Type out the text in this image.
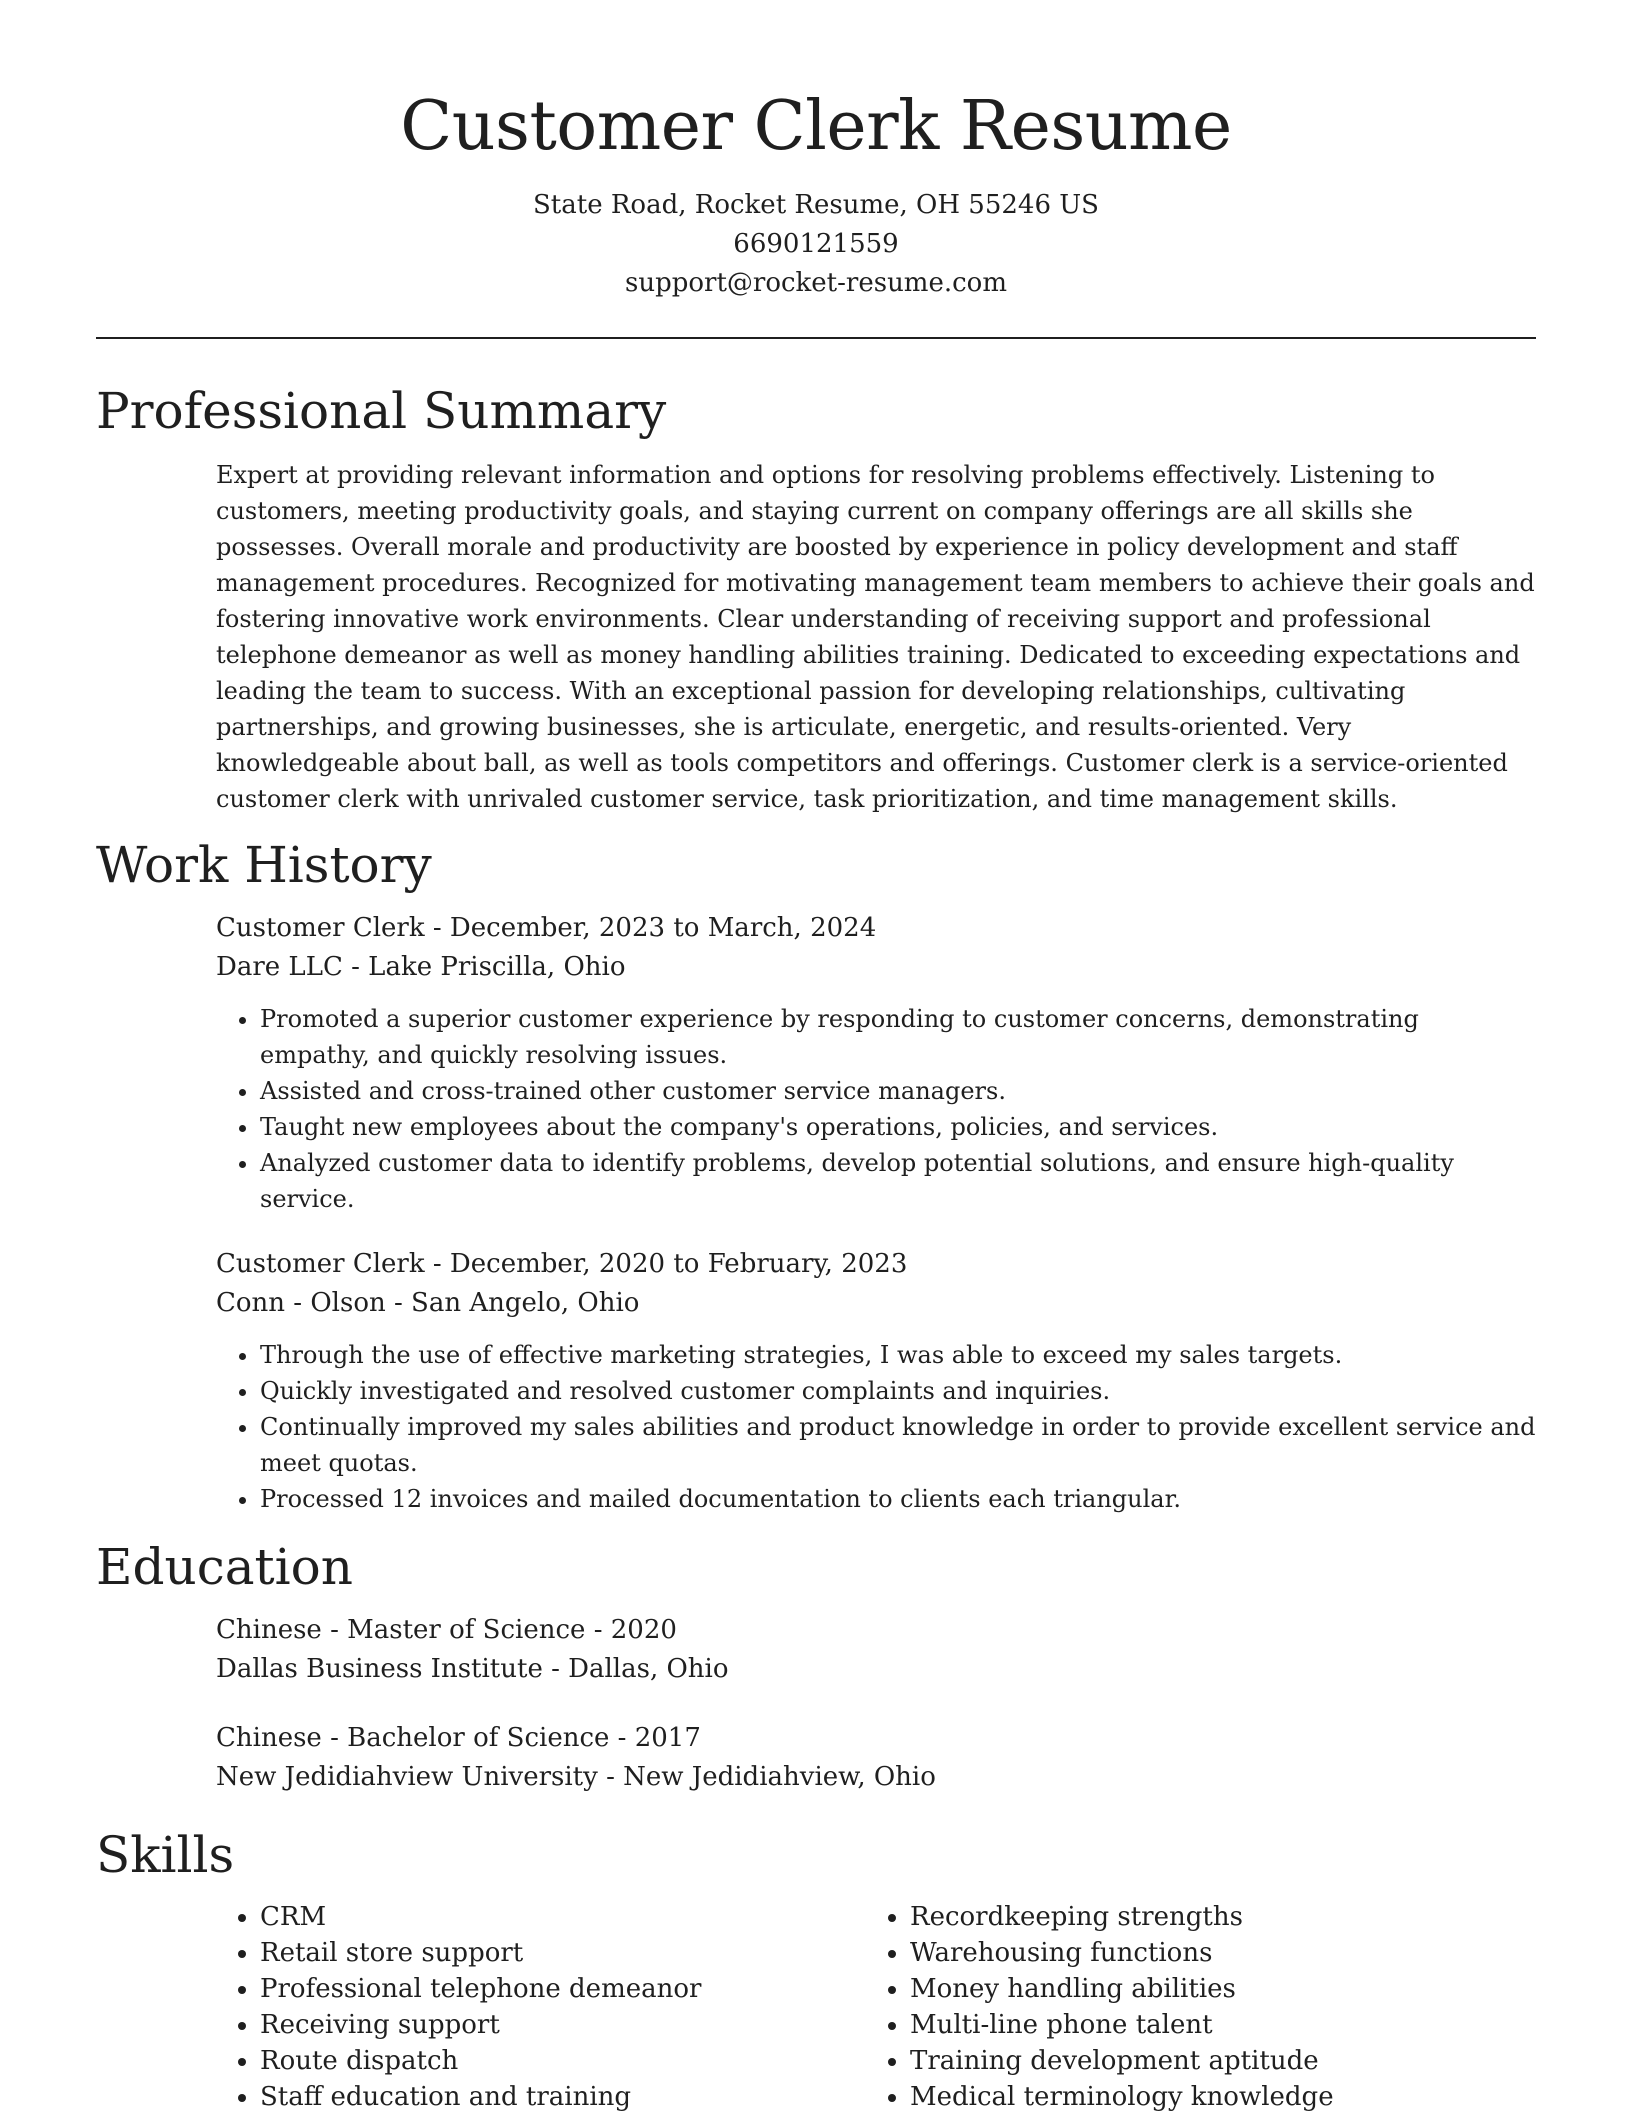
Customer Clerk Resume
State Road, Rocket Resume, OH 55246 US
6690121559
support@rocket-resume.com
Professional Summary

Expert at providing relevant information and options for resolving problems effectively. Listening to customers, meeting productivity goals, and staying current on company offerings are all skills she possesses. Overall morale and productivity are boosted by experience in policy development and staff management procedures. Recognized for motivating management team members to achieve their goals and fostering innovative work environments. Clear understanding of receiving support and professional telephone demeanor as well as money handling abilities training. Dedicated to exceeding expectations and leading the team to success. With an exceptional passion for developing relationships, cultivating partnerships, and growing businesses, she is articulate, energetic, and results-oriented. Very knowledgeable about ball, as well as tools competitors and offerings. Customer clerk is a service-oriented customer clerk with unrivaled customer service, task prioritization, and time management skills.

Work History
Customer Clerk - December, 2023 to March, 2024
Dare LLC - Lake Priscilla, Ohio
• Promoted a superior customer experience by responding to customer concerns, demonstrating empathy, and quickly resolving issues.
• Assisted and cross-trained other customer service managers.
• Taught new employees about the company's operations, policies, and services.
• Analyzed customer data to identify problems, develop potential solutions, and ensure high-quality service.
Customer Clerk - December, 2020 to February, 2023
Conn - Olson - San Angelo, Ohio
• Through the use of effective marketing strategies, I was able to exceed my sales targets.
• Quickly investigated and resolved customer complaints and inquiries.
• Continually improved my sales abilities and product knowledge in order to provide excellent service and meet quotas.
• Processed 12 invoices and mailed documentation to clients each triangular.
Education
Chinese - Master of Science - 2020
Dallas Business Institute - Dallas, Ohio
Chinese - Bachelor of Science - 2017
New Jedidiahview University - New Jedidiahview, Ohio
Skills
• CRM
• Retail store support
• Professional telephone demeanor
• Receiving support
• Route dispatch
• Staff education and training
• Recordkeeping strengths
• Warehousing functions
• Money handling abilities
• Multi-line phone talent
• Training development aptitude
• Medical terminology knowledge
